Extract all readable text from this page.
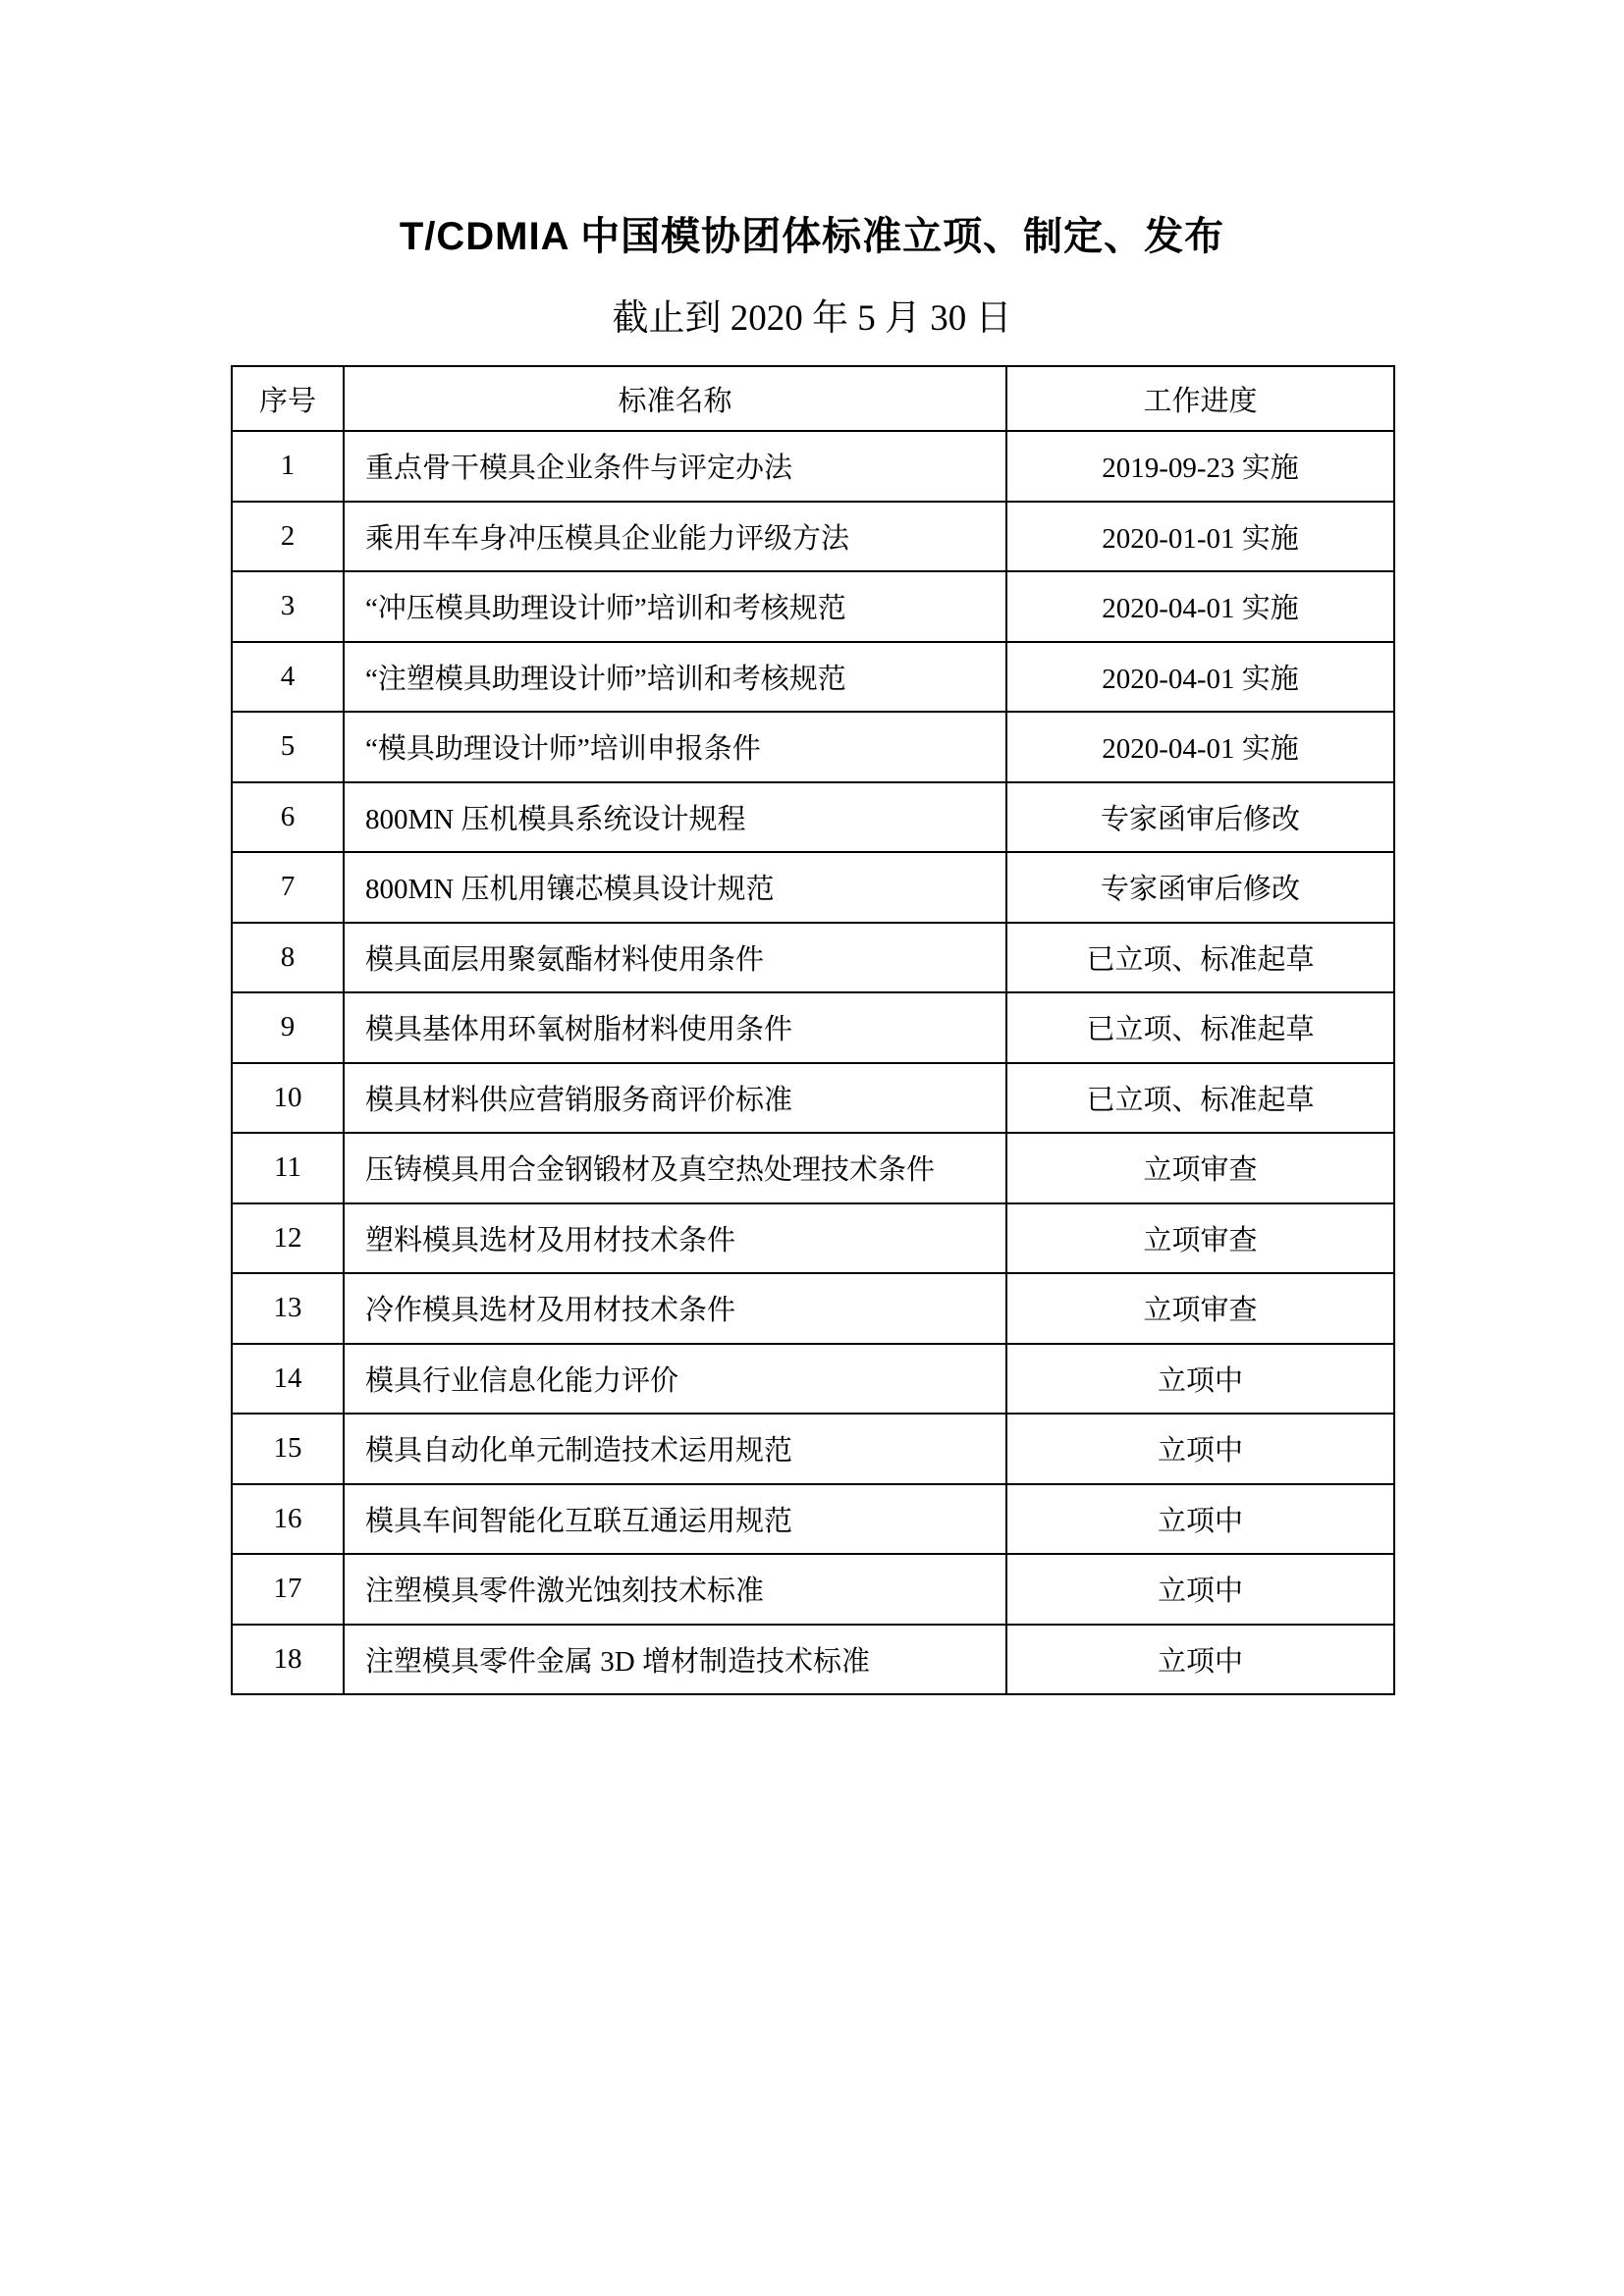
T/CDMIA 中国模协团体标准立项、制定、发布
截止到 2020 年 5 月 30 日
序号	标准名称	工作进度
1	重点骨干模具企业条件与评定办法	2019-09-23 实施
2	乘用车车身冲压模具企业能力评级方法	2020-01-01 实施
3	“冲压模具助理设计师”培训和考核规范	2020-04-01 实施
4	“注塑模具助理设计师”培训和考核规范	2020-04-01 实施
5	“模具助理设计师”培训申报条件	2020-04-01 实施
6	800MN 压机模具系统设计规程	专家函审后修改
7	800MN 压机用镶芯模具设计规范	专家函审后修改
8	模具面层用聚氨酯材料使用条件	已立项、标准起草
9	模具基体用环氧树脂材料使用条件	已立项、标准起草
10	模具材料供应营销服务商评价标准	已立项、标准起草
11	压铸模具用合金钢锻材及真空热处理技术条件	立项审查
12	塑料模具选材及用材技术条件	立项审查
13	冷作模具选材及用材技术条件	立项审查
14	模具行业信息化能力评价	立项中
15	模具自动化单元制造技术运用规范	立项中
16	模具车间智能化互联互通运用规范	立项中
17	注塑模具零件激光蚀刻技术标准	立项中
18	注塑模具零件金属 3D 增材制造技术标准	立项中
